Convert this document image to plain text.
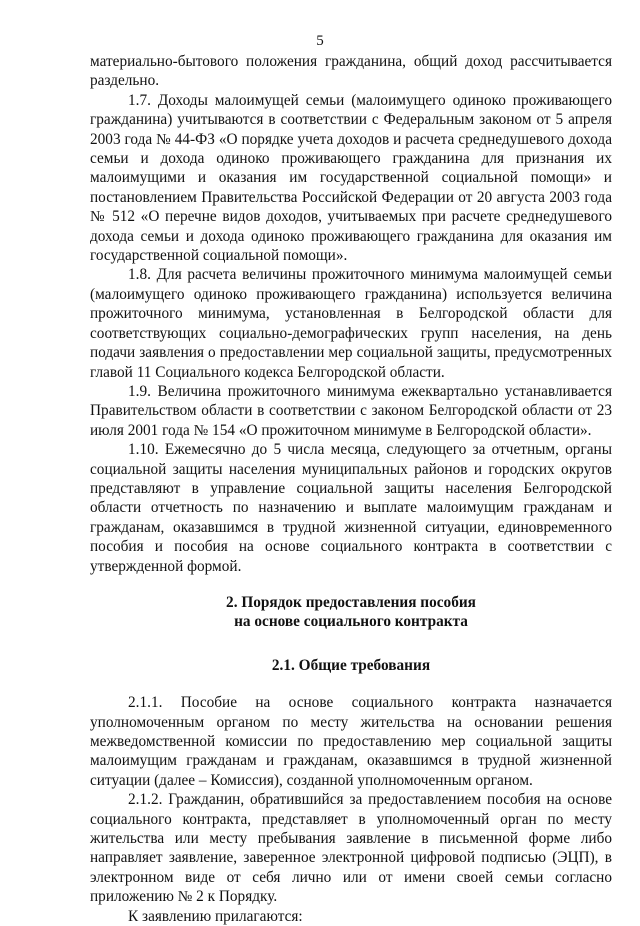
5

материально-бытового положения гражданина, общий доход рассчитывается раздельно.

1.7. Доходы малоимущей семьи (малоимущего одиноко проживающего гражданина) учитываются в соответствии с Федеральным законом от 5 апреля 2003 года № 44-ФЗ «О порядке учета доходов и расчета среднедушевого дохода семьи и дохода одиноко проживающего гражданина для признания их малоимущими и оказания им государственной социальной помощи» и постановлением Правительства Российской Федерации от 20 августа 2003 года № 512 «О перечне видов доходов, учитываемых при расчете среднедушевого дохода семьи и дохода одиноко проживающего гражданина для оказания им государственной социальной помощи».

1.8. Для расчета величины прожиточного минимума малоимущей семьи (малоимущего одиноко проживающего гражданина) используется величина прожиточного минимума, установленная в Белгородской области для соответствующих социально-демографических групп населения, на день подачи заявления о предоставлении мер социальной защиты, предусмотренных главой 11 Социального кодекса Белгородской области.

1.9. Величина прожиточного минимума ежеквартально устанавливается Правительством области в соответствии с законом Белгородской области от 23 июля 2001 года № 154 «О прожиточном минимуме в Белгородской области».

1.10. Ежемесячно до 5 числа месяца, следующего за отчетным, органы социальной защиты населения муниципальных районов и городских округов представляют в управление социальной защиты населения Белгородской области отчетность по назначению и выплате малоимущим гражданам и гражданам, оказавшимся в трудной жизненной ситуации, единовременного пособия и пособия на основе социального контракта в соответствии с утвержденной формой.

2. Порядок предоставления пособия
на основе социального контракта
2.1. Общие требования

2.1.1. Пособие на основе социального контракта назначается уполномоченным органом по месту жительства на основании решения межведомственной комиссии по предоставлению мер социальной защиты малоимущим гражданам и гражданам, оказавшимся в трудной жизненной ситуации (далее – Комиссия), созданной уполномоченным органом.

2.1.2. Гражданин, обратившийся за предоставлением пособия на основе социального контракта, представляет в уполномоченный орган по месту жительства или месту пребывания заявление в письменной форме либо направляет заявление, заверенное электронной цифровой подписью (ЭЦП), в электронном виде от себя лично или от имени своей семьи согласно приложению № 2 к Порядку.

К заявлению прилагаются:
